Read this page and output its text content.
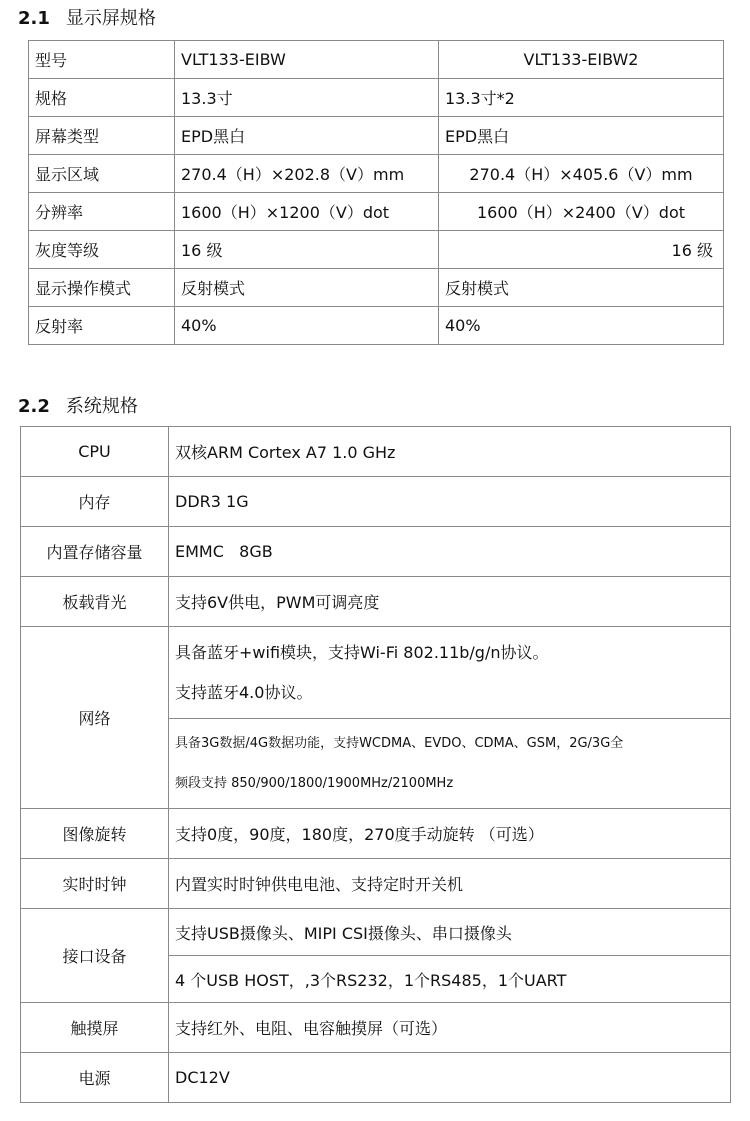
2.1 显示屏规格
型号	VLT133-EIBW	VLT133-EIBW2
规格	13.3寸	13.3寸*2
屏幕类型	EPD黑白	EPD黑白
显示区域	270.4（H）×202.8（V）mm	270.4（H）×405.6（V）mm
分辨率	1600（H）×1200（V）dot	1600（H）×2400（V）dot
灰度等级	16 级	16 级
显示操作模式	反射模式	反射模式
反射率	40%	40%
2.2 系统规格
CPU	双核ARM Cortex A7 1.0 GHz
内存	DDR3 1G
内置存储容量	EMMC   8GB
板载背光	支持6V供电，PWM可调亮度
网络	具备蓝牙+wifi模块，支持Wi-Fi 802.11b/g/n协议。
支持蓝牙4.0协议。

	具备3G数据/4G数据功能，支持WCDMA、EVDO、CDMA、GSM，2G/3G全
频段支持 850/900/1800/1900MHz/2100MHz

图像旋转	支持0度，90度，180度，270度手动旋转 （可选）
实时时钟	内置实时时钟供电电池、支持定时开关机
接口设备	支持USB摄像头、MIPI CSI摄像头、串口摄像头
	4 个USB HOST，,3个RS232，1个RS485，1个UART
触摸屏	支持红外、电阻、电容触摸屏（可选）
电源	DC12V
